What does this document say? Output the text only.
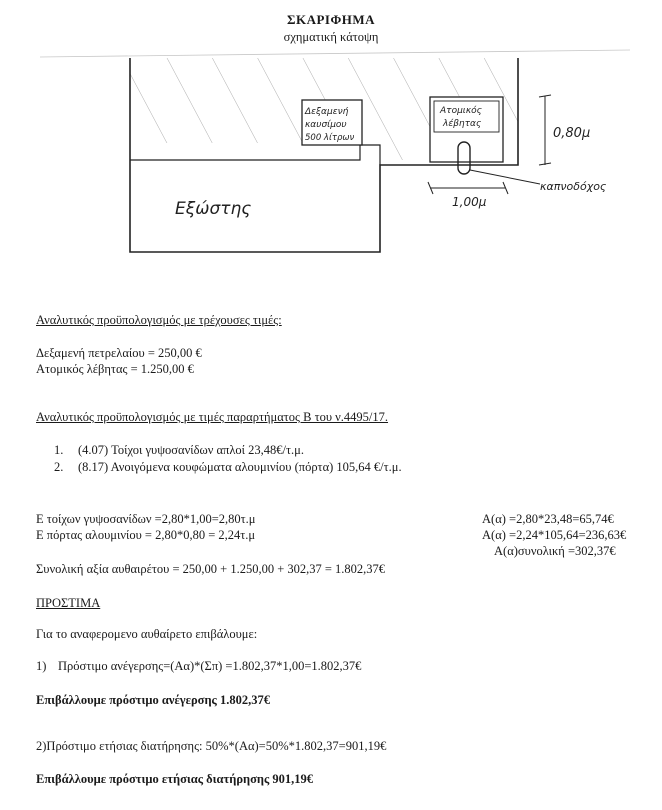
ΣΚΑΡΙΦΗΜΑ
σχηματική κάτοψη
Δεξαμενή
καυσίμου
500 λίτρων
Ατομικός
λέβητας
0,80μ
1,00μ
καπνοδόχος
Εξώστης
Αναλυτικός προϋπολογισμός με τρέχουσες τιμές:
Δεξαμενή πετρελαίου = 250,00 €
Ατομικός λέβητας = 1.250,00 €
Αναλυτικός προϋπολογισμός με τιμές παραρτήματος Β του ν.4495/17.
1. (4.07) Τοίχοι γυψοσανίδων απλοί 23,48€/τ.μ.
2. (8.17) Ανοιγόμενα κουφώματα αλουμινίου (πόρτα) 105,64 €/τ.μ.
Ε τοίχων γυψοσανίδων =2,80*1,00=2,80τ.μ
Ε πόρτας αλουμινίου = 2,80*0,80 = 2,24τ.μ
Α(α) =2,80*23,48=65,74€
Α(α) =2,24*105,64=236,63€
Α(α)συνολική =302,37€
Συνολική αξία αυθαιρέτου = 250,00 + 1.250,00 + 302,37 = 1.802,37€
ΠΡΟΣΤΙΜΑ
Για το αναφερομενο αυθαίρετο επιβάλουμε:
1) Πρόστιμο ανέγερσης=(Αα)*(Σπ) =1.802,37*1,00=1.802,37€
Επιβάλλουμε πρόστιμο ανέγερσης 1.802,37€
2)Πρόστιμο ετήσιας διατήρησης: 50%*(Αα)=50%*1.802,37=901,19€
Επιβάλλουμε πρόστιμο ετήσιας διατήρησης 901,19€
